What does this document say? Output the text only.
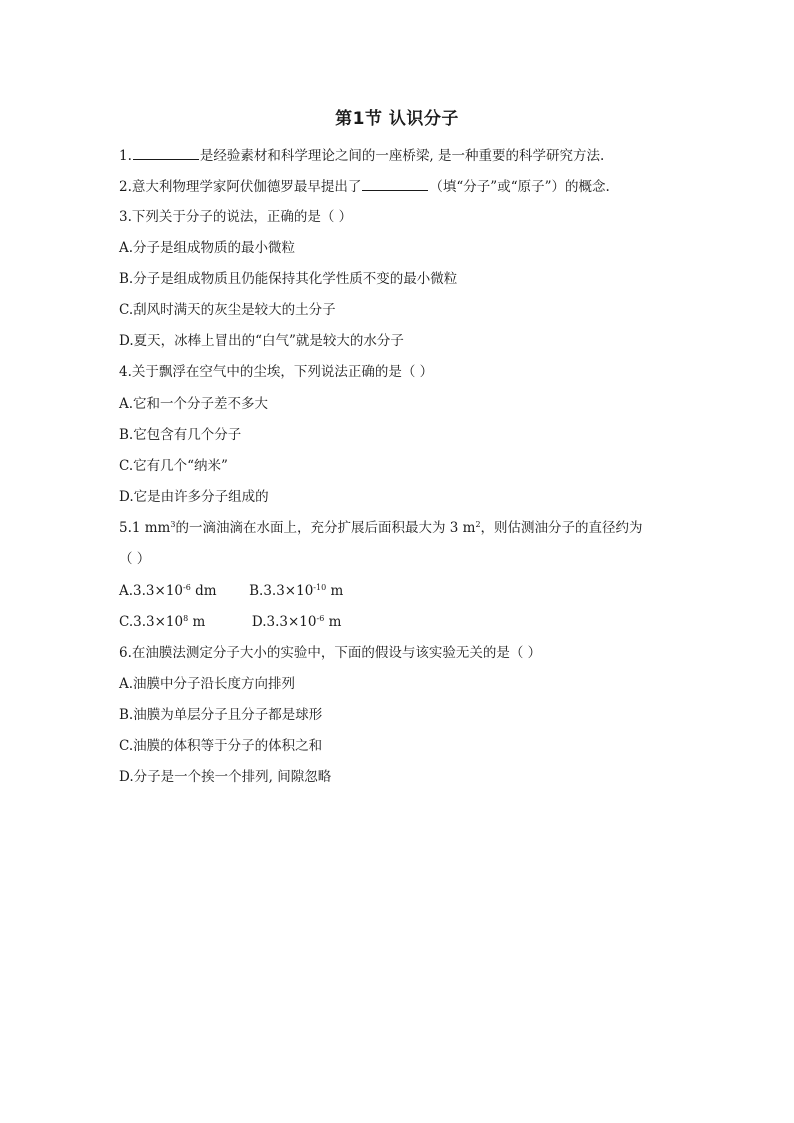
第1节 认识分子
1.	是经验素材和科学理论之间的一座桥梁, 是一种重要的科学研究方法.
2.意大利物理学家阿伏伽德罗最早提出了	（填“分子”或“原子”）的概念.
3.下列关于分子的说法，正确的是（ ）
A.分子是组成物质的最小微粒
B.分子是组成物质且仍能保持其化学性质不变的最小微粒
C.刮风时满天的灰尘是较大的土分子
D.夏天，冰棒上冒出的“白气”就是较大的水分子
4.关于飘浮在空气中的尘埃，下列说法正确的是（ ）
A.它和一个分子差不多大
B.它包含有几个分子
C.它有几个“纳米”
D.它是由许多分子组成的
5.1 $mm^3$的一滴油滴在水面上，充分扩展后面积最大为 3 $m^2$，则估测油分子的直径约为
（ ）
$A.3.3\times 10^{-6}$ dm $B.3.3\times 10^{-10}$ m
$C.3.3\times 10^8$ m	$D.3.3\times 10^{-6}$ m
6.在油膜法测定分子大小的实验中，下面的假设与该实验无关的是（ ）
A.油膜中分子沿长度方向排列
B.油膜为单层分子且分子都是球形
C.油膜的体积等于分子的体积之和
D.分子是一个挨一个排列, 间隙忽略
